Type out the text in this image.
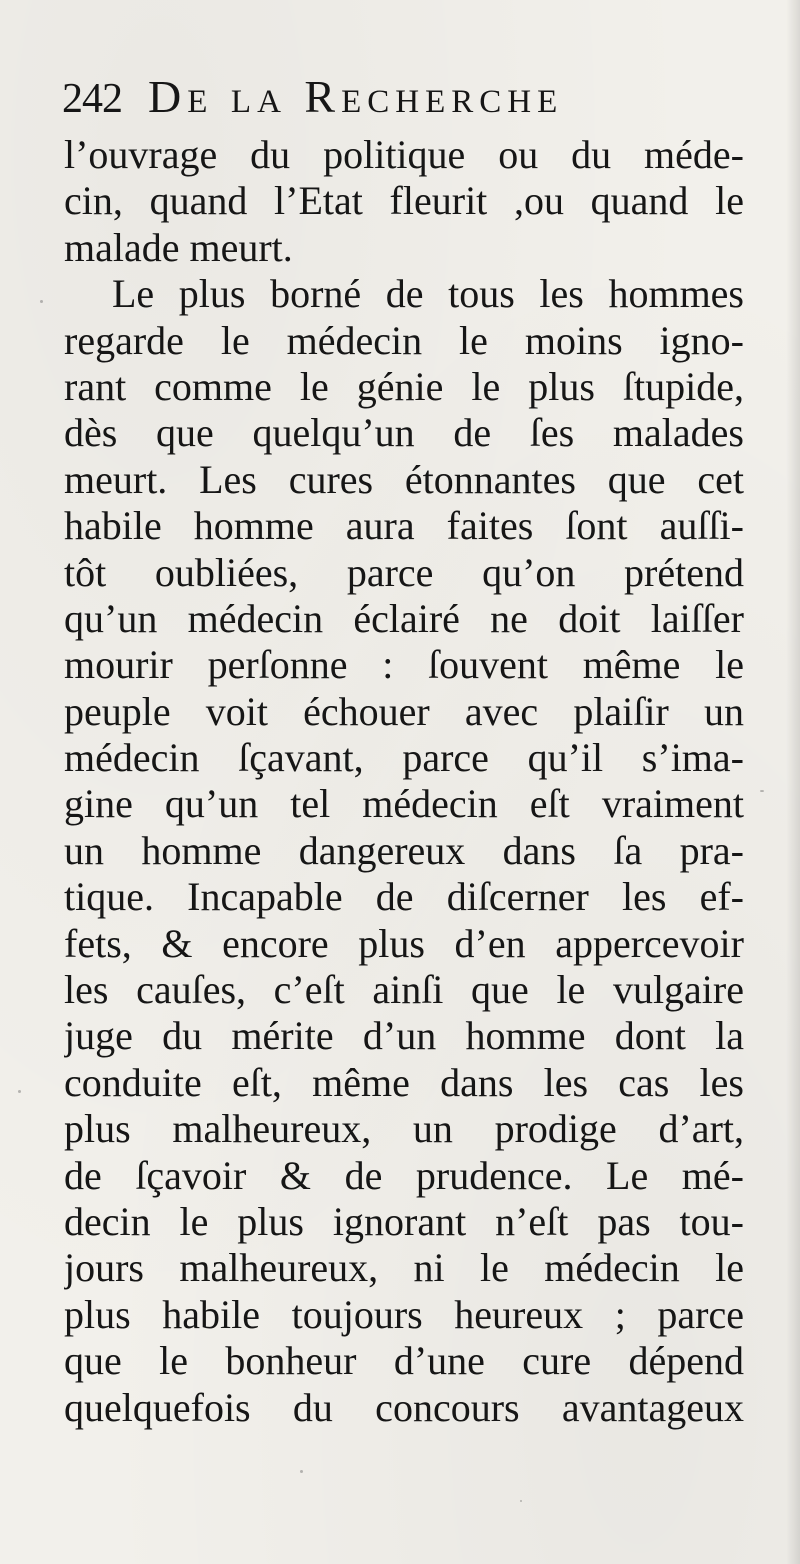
242 DE LA RECHERCHE
l’ouvrage du politique ou du méde-
cin, quand l’Etat fleurit ,ou quand le
malade meurt.
Le plus borné de tous les hommes
regarde le médecin le moins igno-
rant comme le génie le plus ſtupide,
dès que quelqu’un de ſes malades
meurt. Les cures étonnantes que cet
habile homme aura faites ſont auſſi-
tôt oubliées, parce qu’on prétend
qu’un médecin éclairé ne doit laiſſer
mourir perſonne : ſouvent même le
peuple voit échouer avec plaiſir un
médecin ſçavant, parce qu’il s’ima-
gine qu’un tel médecin eſt vraiment
un homme dangereux dans ſa pra-
tique. Incapable de diſcerner les ef-
fets, & encore plus d’en appercevoir
les cauſes, c’eſt ainſi que le vulgaire
juge du mérite d’un homme dont la
conduite eſt, même dans les cas les
plus malheureux, un prodige d’art,
de ſçavoir & de prudence. Le mé-
decin le plus ignorant n’eſt pas tou-
jours malheureux, ni le médecin le
plus habile toujours heureux ; parce
que le bonheur d’une cure dépend
quelquefois du concours avantageux
